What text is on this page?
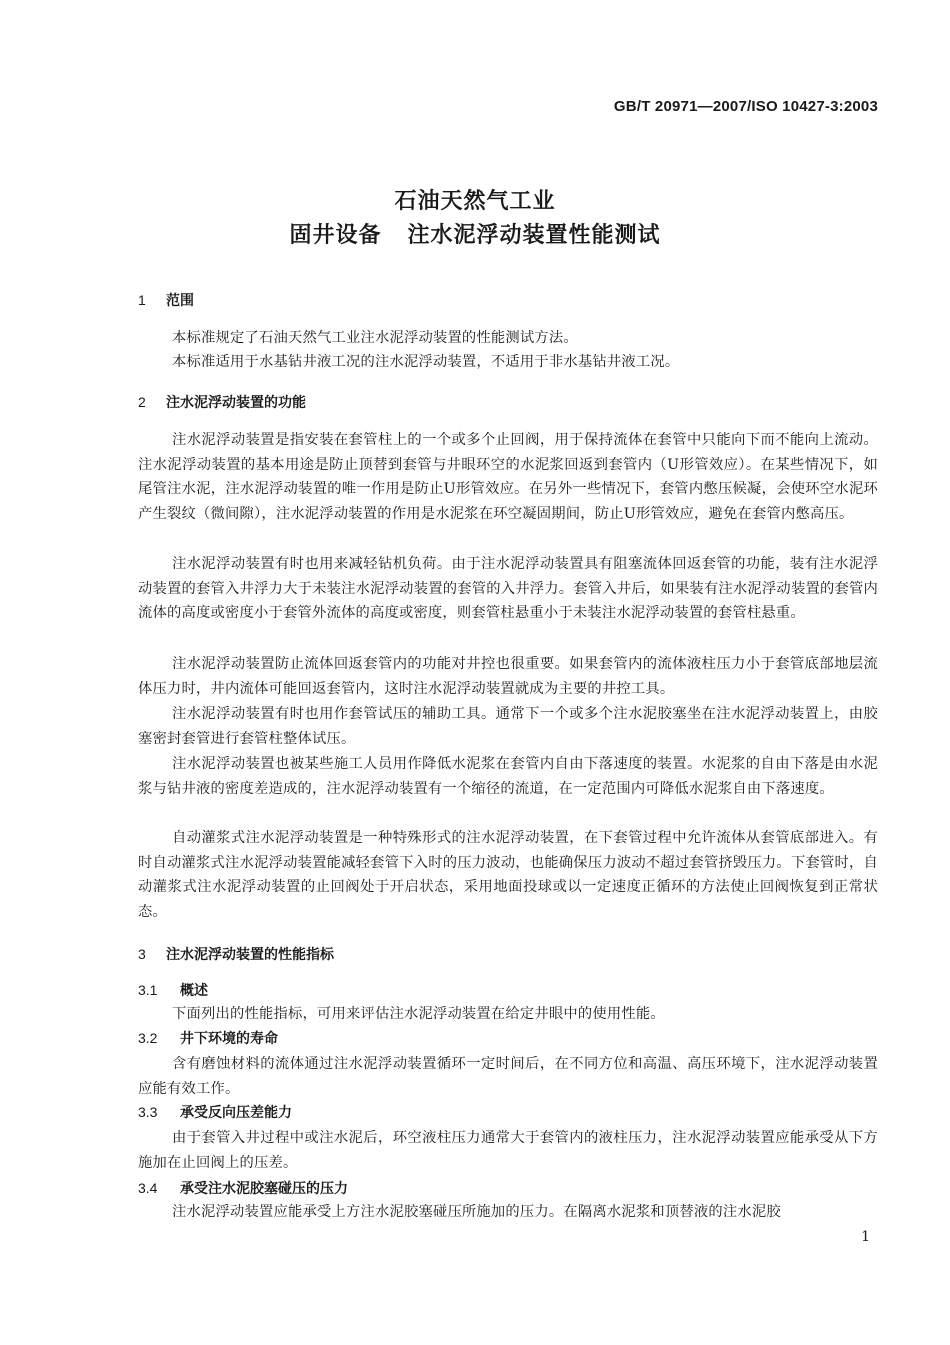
GB/T 20971—2007/ISO 10427-3:2003
石油天然气工业
固井设备 注水泥浮动装置性能测试
1 范围
本标准规定了石油天然气工业注水泥浮动装置的性能测试方法。
本标准适用于水基钻井液工况的注水泥浮动装置，不适用于非水基钻井液工况。
2 注水泥浮动装置的功能
注水泥浮动装置是指安装在套管柱上的一个或多个止回阀，用于保持流体在套管中只能向下而不能向上流动。注水泥浮动装置的基本用途是防止顶替到套管与井眼环空的水泥浆回返到套管内（U形管效应）。在某些情况下，如尾管注水泥，注水泥浮动装置的唯一作用是防止U形管效应。在另外一些情况下，套管内憋压候凝，会使环空水泥环产生裂纹（微间隙），注水泥浮动装置的作用是水泥浆在环空凝固期间，防止U形管效应，避免在套管内憋高压。
注水泥浮动装置有时也用来减轻钻机负荷。由于注水泥浮动装置具有阻塞流体回返套管的功能，装有注水泥浮动装置的套管入井浮力大于未装注水泥浮动装置的套管的入井浮力。套管入井后，如果装有注水泥浮动装置的套管内流体的高度或密度小于套管外流体的高度或密度，则套管柱悬重小于未装注水泥浮动装置的套管柱悬重。
注水泥浮动装置防止流体回返套管内的功能对井控也很重要。如果套管内的流体液柱压力小于套管底部地层流体压力时，井内流体可能回返套管内，这时注水泥浮动装置就成为主要的井控工具。
注水泥浮动装置有时也用作套管试压的辅助工具。通常下一个或多个注水泥胶塞坐在注水泥浮动装置上，由胶塞密封套管进行套管柱整体试压。
注水泥浮动装置也被某些施工人员用作降低水泥浆在套管内自由下落速度的装置。水泥浆的自由下落是由水泥浆与钻井液的密度差造成的，注水泥浮动装置有一个缩径的流道，在一定范围内可降低水泥浆自由下落速度。
自动灌浆式注水泥浮动装置是一种特殊形式的注水泥浮动装置，在下套管过程中允许流体从套管底部进入。有时自动灌浆式注水泥浮动装置能减轻套管下入时的压力波动，也能确保压力波动不超过套管挤毁压力。下套管时，自动灌浆式注水泥浮动装置的止回阀处于开启状态，采用地面投球或以一定速度正循环的方法使止回阀恢复到正常状态。
3 注水泥浮动装置的性能指标
3.1 概述
下面列出的性能指标，可用来评估注水泥浮动装置在给定井眼中的使用性能。
3.2 井下环境的寿命
含有磨蚀材料的流体通过注水泥浮动装置循环一定时间后，在不同方位和高温、高压环境下，注水泥浮动装置应能有效工作。
3.3 承受反向压差能力
由于套管入井过程中或注水泥后，环空液柱压力通常大于套管内的液柱压力，注水泥浮动装置应能承受从下方施加在止回阀上的压差。
3.4 承受注水泥胶塞碰压的压力
注水泥浮动装置应能承受上方注水泥胶塞碰压所施加的压力。在隔离水泥浆和顶替液的注水泥胶
1
